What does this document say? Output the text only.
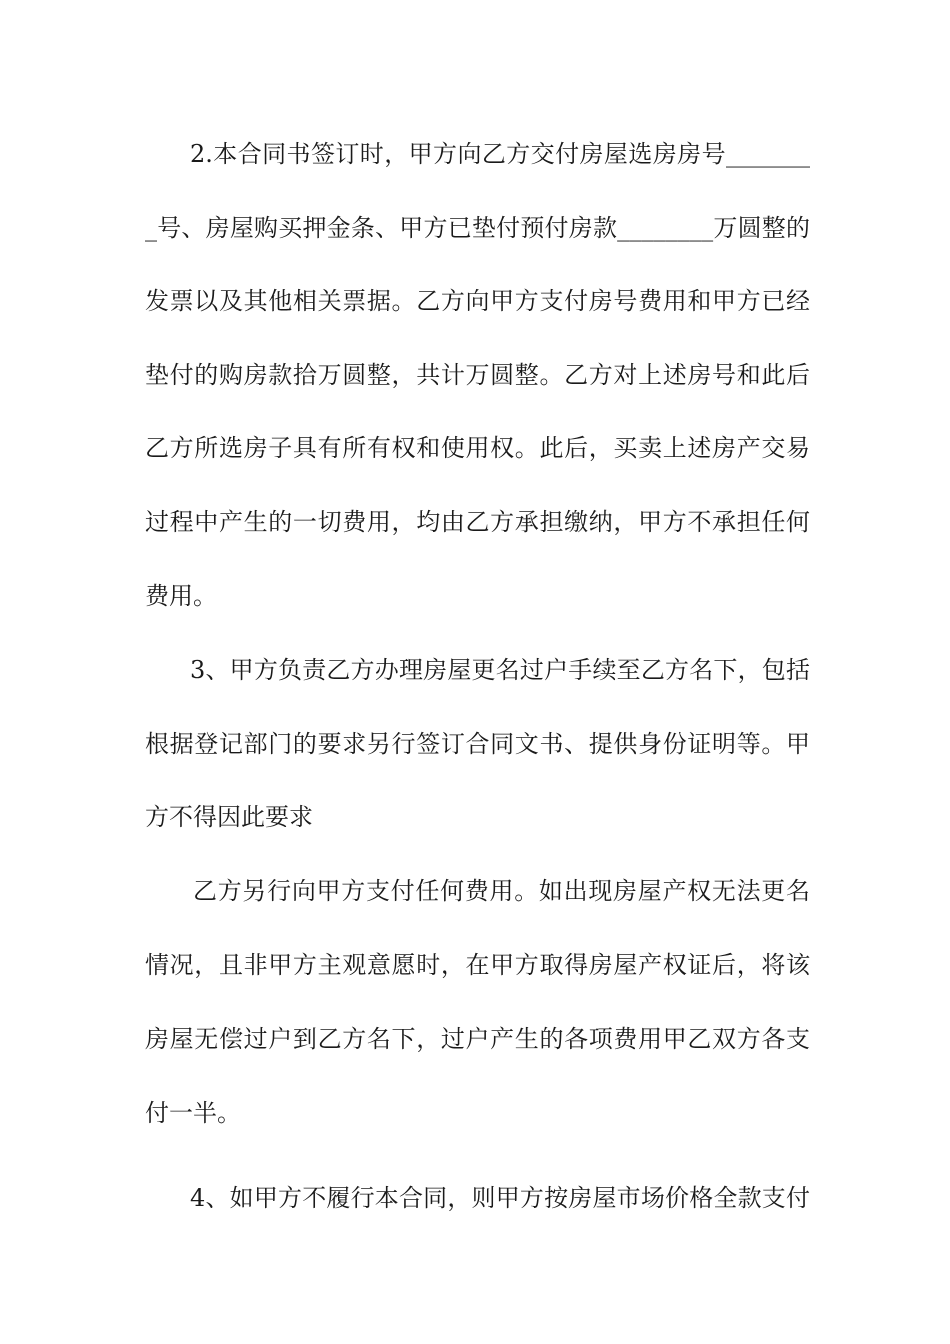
2.本合同书签订时，甲方向乙方交付房屋选房房号_______
_号、房屋购买押金条、甲方已垫付预付房款________万圆整的
发票以及其他相关票据。乙方向甲方支付房号费用和甲方已经
垫付的购房款拾万圆整，共计万圆整。乙方对上述房号和此后
乙方所选房子具有所有权和使用权。此后，买卖上述房产交易
过程中产生的一切费用，均由乙方承担缴纳，甲方不承担任何
费用。
3、甲方负责乙方办理房屋更名过户手续至乙方名下，包括
根据登记部门的要求另行签订合同文书、提供身份证明等。甲
方不得因此要求
乙方另行向甲方支付任何费用。如出现房屋产权无法更名
情况，且非甲方主观意愿时，在甲方取得房屋产权证后，将该
房屋无偿过户到乙方名下，过户产生的各项费用甲乙双方各支
付一半。
4、如甲方不履行本合同，则甲方按房屋市场价格全款支付
